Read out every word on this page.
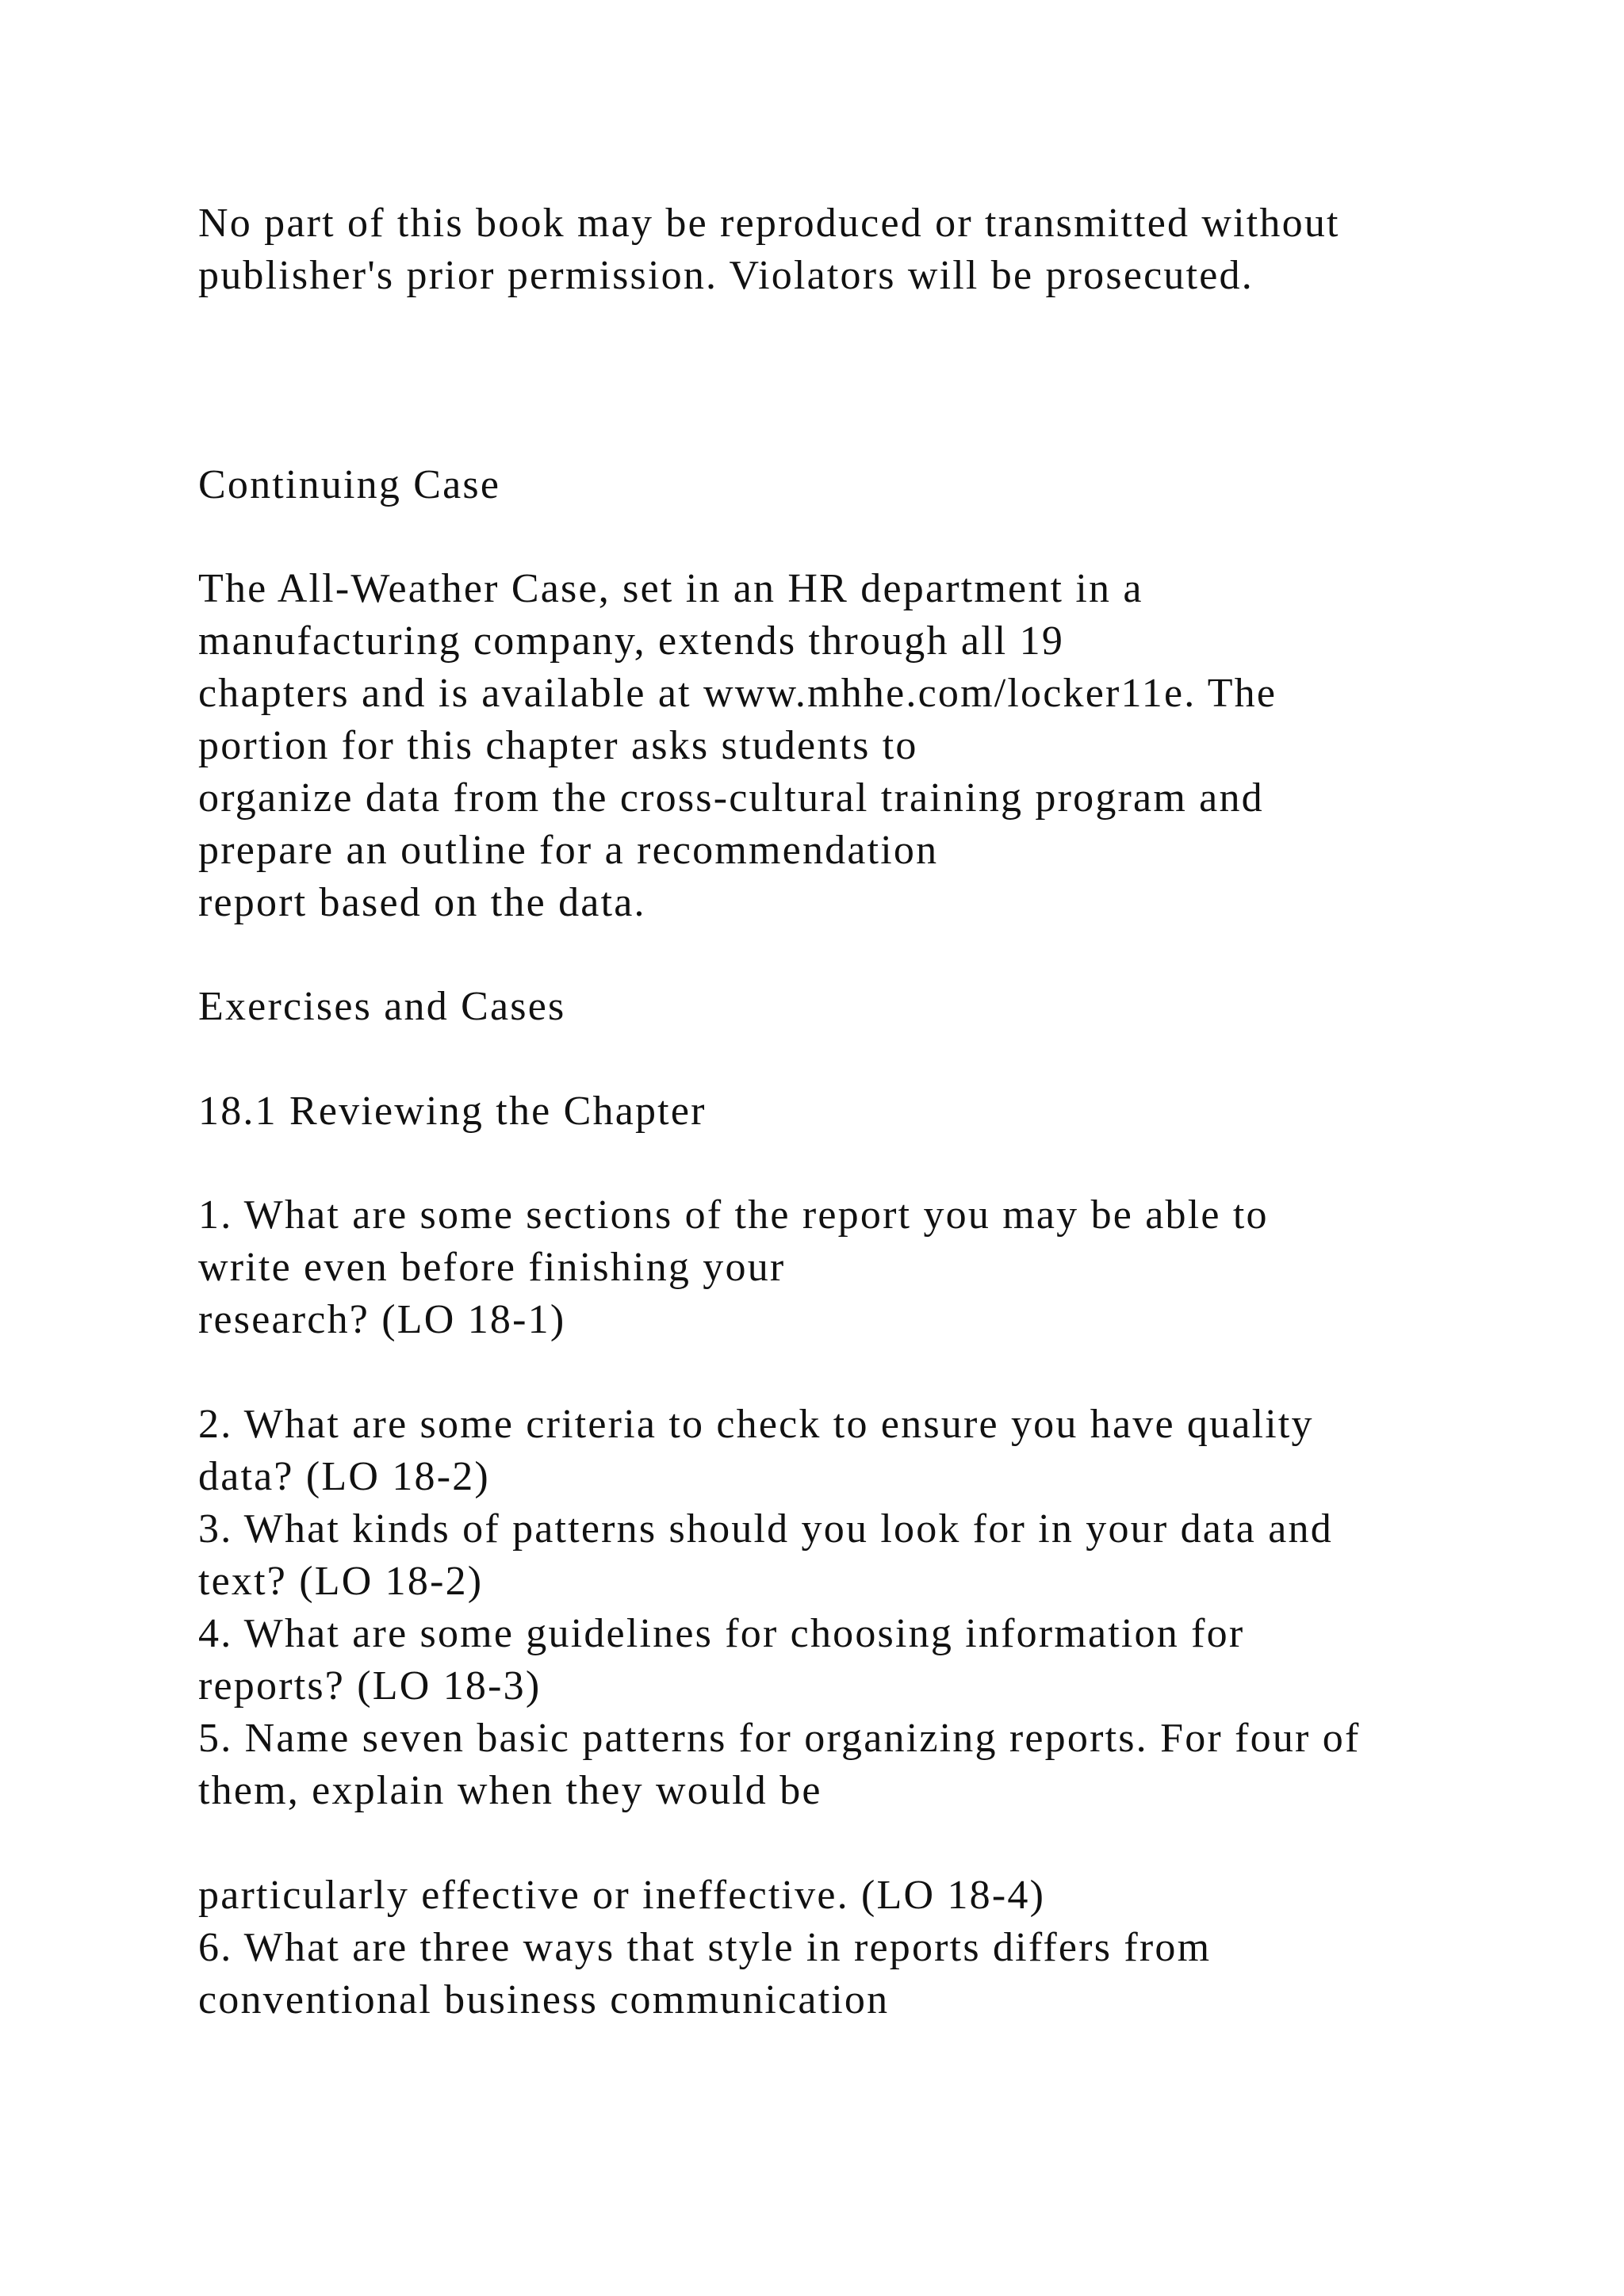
No part of this book may be reproduced or transmitted without

publisher's prior permission. Violators will be prosecuted.

Continuing Case

The All-Weather Case, set in an HR department in a

manufacturing company, extends through all 19

chapters and is available at www.mhhe.com/locker11e. The

portion for this chapter asks students to

organize data from the cross-cultural training program and

prepare an outline for a recommendation

report based on the data.

Exercises and Cases

18.1 Reviewing the Chapter

1. What are some sections of the report you may be able to

write even before finishing your

research? (LO 18-1)

2. What are some criteria to check to ensure you have quality

data? (LO 18-2)

3. What kinds of patterns should you look for in your data and

text? (LO 18-2)

4. What are some guidelines for choosing information for

reports? (LO 18-3)

5. Name seven basic patterns for organizing reports. For four of

them, explain when they would be

particularly effective or ineffective. (LO 18-4)

6. What are three ways that style in reports differs from

conventional business communication
